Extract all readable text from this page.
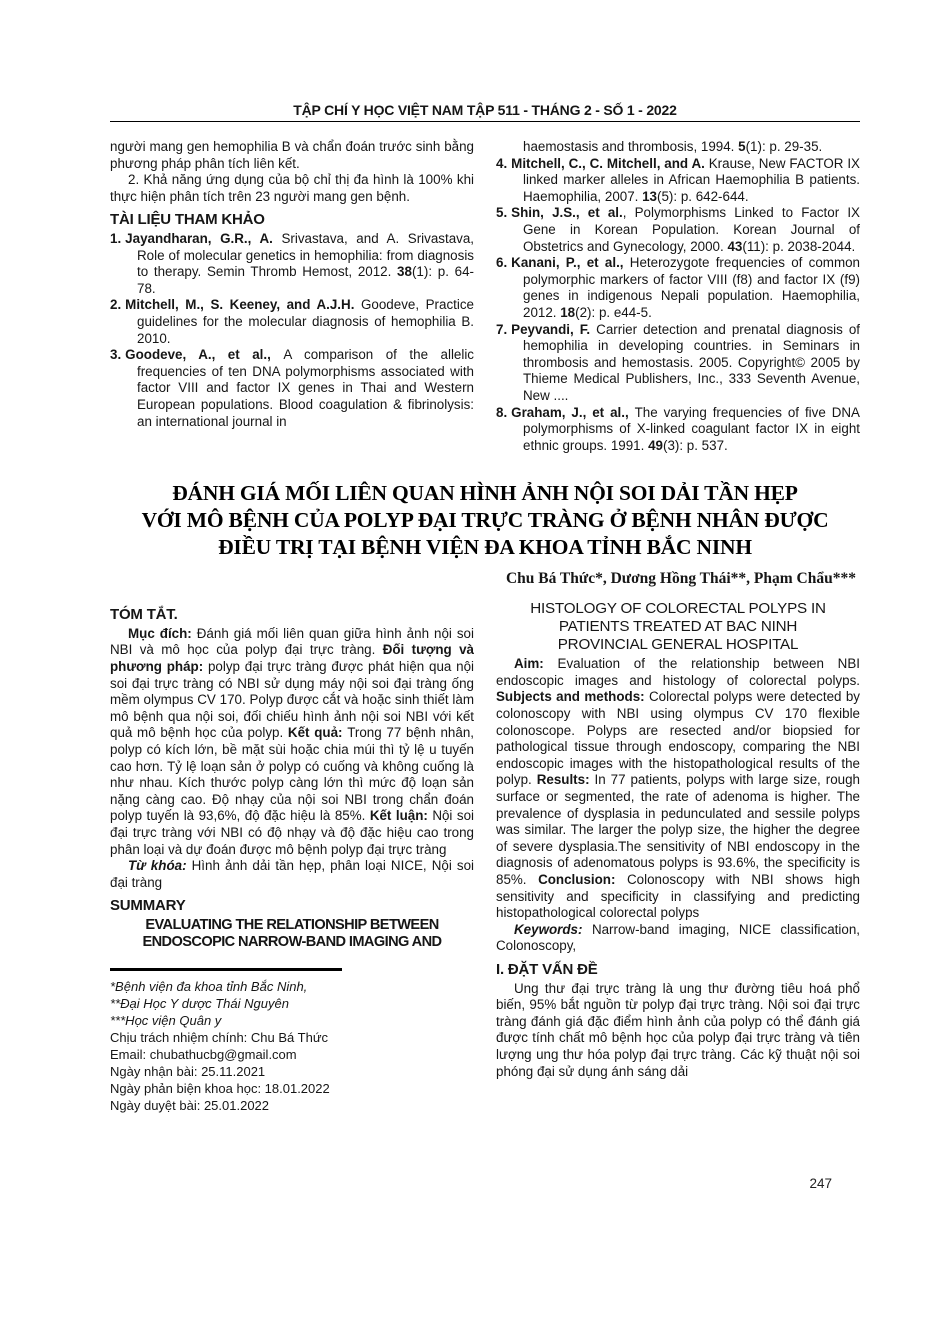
TẬP CHÍ Y HỌC VIỆT NAM TẬP 511 - THÁNG 2 - SỐ 1 - 2022

người mang gen hemophilia B và chẩn đoán trước sinh bằng phương pháp phân tích liên kết.

2. Khả năng ứng dụng của bộ chỉ thị đa hình là 100% khi thực hiện phân tích trên 23 người mang gen bệnh.

TÀI LIỆU THAM KHẢO

1. Jayandharan, G.R., A. Srivastava, and A. Srivastava, Role of molecular genetics in hemophilia: from diagnosis to therapy. Semin Thromb Hemost, 2012. 38(1): p. 64-78.

2. Mitchell, M., S. Keeney, and A.J.H. Goodeve, Practice guidelines for the molecular diagnosis of hemophilia B. 2010.

3. Goodeve, A., et al., A comparison of the allelic frequencies of ten DNA polymorphisms associated with factor VIII and factor IX genes in Thai and Western European populations. Blood coagulation & fibrinolysis: an international journal in

haemostasis and thrombosis, 1994. 5(1): p. 29-35.

4. Mitchell, C., C. Mitchell, and A. Krause, New FACTOR IX linked marker alleles in African Haemophilia B patients. Haemophilia, 2007. 13(5): p. 642-644.

5. Shin, J.S., et al., Polymorphisms Linked to Factor IX Gene in Korean Population. Korean Journal of Obstetrics and Gynecology, 2000. 43(11): p. 2038-2044.

6. Kanani, P., et al., Heterozygote frequencies of common polymorphic markers of factor VIII (f8) and factor IX (f9) genes in indigenous Nepali population. Haemophilia, 2012. 18(2): p. e44-5.

7. Peyvandi, F. Carrier detection and prenatal diagnosis of hemophilia in developing countries. in Seminars in thrombosis and hemostasis. 2005. Copyright© 2005 by Thieme Medical Publishers, Inc., 333 Seventh Avenue, New ....

8. Graham, J., et al., The varying frequencies of five DNA polymorphisms of X-linked coagulant factor IX in eight ethnic groups. 1991. 49(3): p. 537.

ĐÁNH GIÁ MỐI LIÊN QUAN HÌNH ẢNH NỘI SOI DẢI TẦN HẸP
VỚI MÔ BỆNH CỦA POLYP ĐẠI TRỰC TRÀNG Ở BỆNH NHÂN ĐƯỢC
ĐIỀU TRỊ TẠI BỆNH VIỆN ĐA KHOA TỈNH BẮC NINH
Chu Bá Thức*, Dương Hồng Thái**, Phạm Chẩu***

TÓM TẮT.

Mục đích: Đánh giá mối liên quan giữa hình ảnh nội soi NBI và mô học của polyp đại trực tràng. Đối tượng và phương pháp: polyp đại trực tràng được phát hiện qua nội soi đại trực tràng có NBI sử dụng máy nội soi đại tràng ống mềm olympus CV 170. Polyp được cắt và hoặc sinh thiết làm mô bệnh qua nội soi, đối chiếu hình ảnh nội soi NBI với kết quả mô bệnh học của polyp. Kết quả: Trong 77 bệnh nhân, polyp có kích lớn, bề mặt sùi hoặc chia múi thì tỷ lệ u tuyến cao hơn. Tỷ lệ loạn sản ở polyp có cuống và không cuống là như nhau. Kích thước polyp càng lớn thì mức độ loạn sản nặng càng cao. Độ nhạy của nội soi NBI trong chẩn đoán polyp tuyến là 93,6%, độ đặc hiệu là 85%. Kết luận: Nội soi đại trực tràng với NBI có độ nhạy và độ đặc hiệu cao trong phân loại và dự đoán được mô bệnh polyp đại trực tràng

Từ khóa: Hình ảnh dải tần hẹp, phân loại NICE, Nội soi đại tràng

SUMMARY

EVALUATING THE RELATIONSHIP BETWEEN
ENDOSCOPIC NARROW-BAND IMAGING AND

*Bệnh viện đa khoa tỉnh Bắc Ninh,

**Đại Học Y dược Thái Nguyên

***Học viện Quân y

Chịu trách nhiệm chính: Chu Bá Thức

Email: chubathucbg@gmail.com

Ngày nhận bài: 25.11.2021

Ngày phản biện khoa học: 18.01.2022

Ngày duyệt bài: 25.01.2022

HISTOLOGY OF COLORECTAL POLYPS IN
PATIENTS TREATED AT BAC NINH
PROVINCIAL GENERAL HOSPITAL

Aim: Evaluation of the relationship between NBI endoscopic images and histology of colorectal polyps. Subjects and methods: Colorectal polyps were detected by colonoscopy with NBI using olympus CV 170 flexible colonoscope. Polyps are resected and/or biopsied for pathological tissue through endoscopy, comparing the NBI endoscopic images with the histopathological results of the polyp. Results: In 77 patients, polyps with large size, rough surface or segmented, the rate of adenoma is higher. The prevalence of dysplasia in pedunculated and sessile polyps was similar. The larger the polyp size, the higher the degree of severe dysplasia.The sensitivity of NBI endoscopy in the diagnosis of adenomatous polyps is 93.6%, the specificity is 85%. Conclusion: Colonoscopy with NBI shows high sensitivity and specificity in classifying and predicting histopathological colorectal polyps

Keywords: Narrow-band imaging, NICE classification, Colonoscopy,

I. ĐẶT VẤN ĐỀ

Ung thư đại trực tràng là ung thư đường tiêu hoá phổ biến, 95% bắt nguồn từ polyp đại trực tràng. Nội soi đại trực tràng đánh giá đặc điểm hình ảnh của polyp có thể đánh giá được tính chất mô bệnh học của polyp đại trực tràng và tiên lượng ung thư hóa polyp đại trực tràng. Các kỹ thuật nội soi phóng đại sử dụng ánh sáng dải

247
